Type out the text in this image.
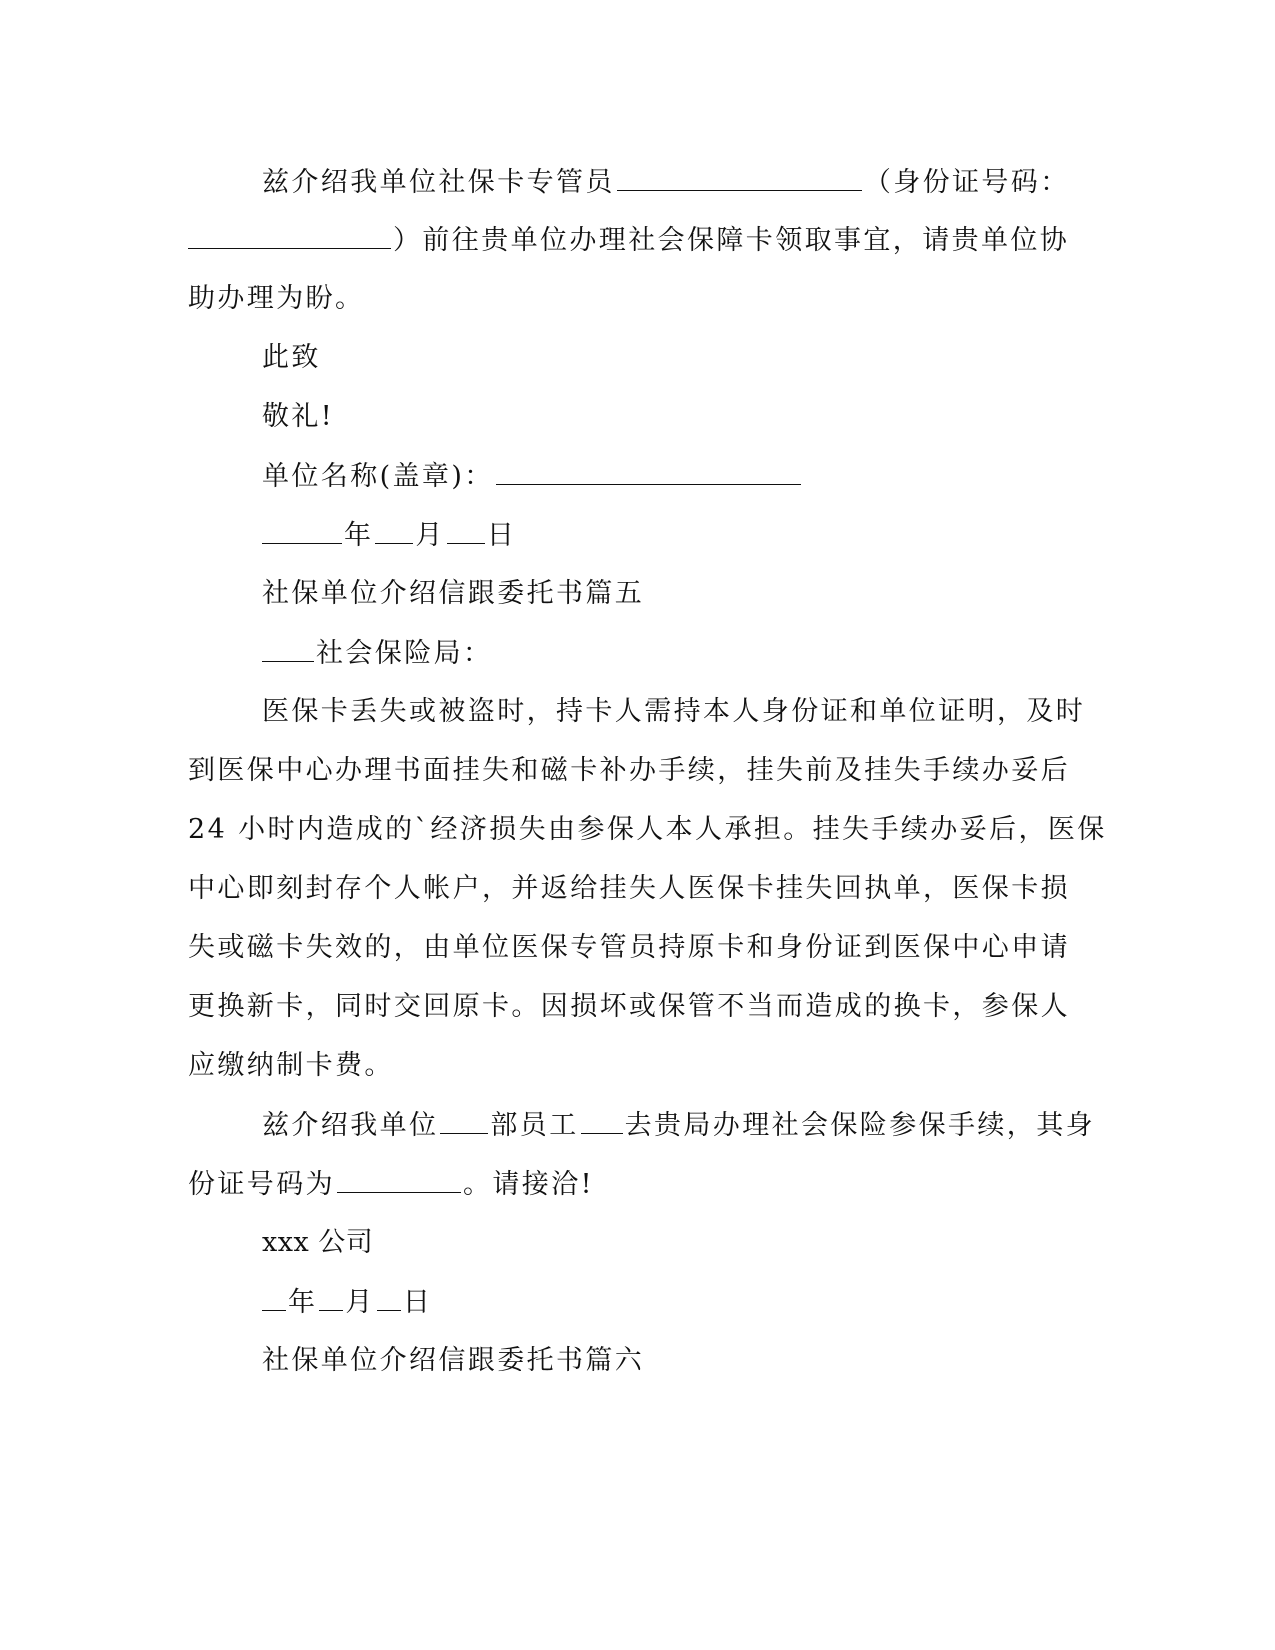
兹介绍我单位社保卡专管员	（身份证号码：
）前往贵单位办理社会保障卡领取事宜，请贵单位协
助办理为盼。
此致
敬礼!
单位名称(盖章)：
年 月 日
社保单位介绍信跟委托书篇五
社会保险局：
医保卡丢失或被盗时，持卡人需持本人身份证和单位证明，及时
到医保中心办理书面挂失和磁卡补办手续，挂失前及挂失手续办妥后
24 小时内造成的`经济损失由参保人本人承担。挂失手续办妥后，医保
中心即刻封存个人帐户，并返给挂失人医保卡挂失回执单，医保卡损
失或磁卡失效的，由单位医保专管员持原卡和身份证到医保中心申请
更换新卡，同时交回原卡。因损坏或保管不当而造成的换卡，参保人
应缴纳制卡费。
兹介绍我单位 部员工 去贵局办理社会保险参保手续，其身
份证号码为	。请接洽!
xxx 公司
年 月 日
社保单位介绍信跟委托书篇六
